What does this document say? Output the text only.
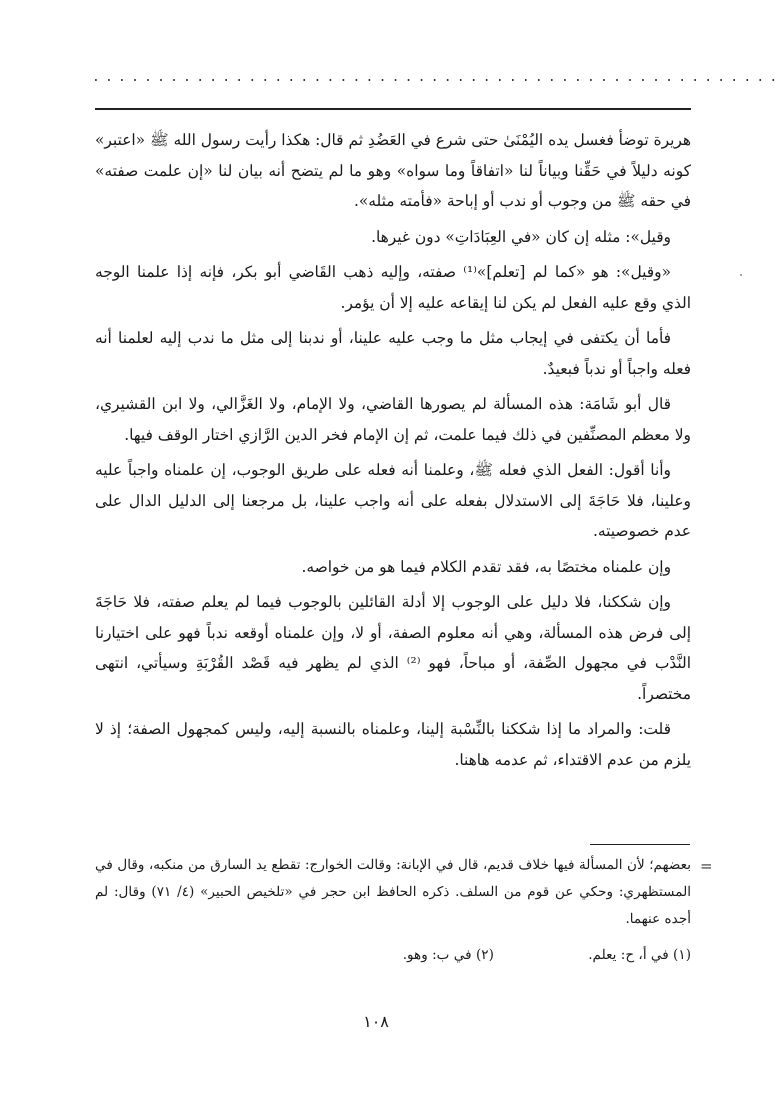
.....................................................

هريرة توضأ فغسل يده اليُمْنَىٰ حتى شرع في العَضُدِ ثم قال: هكذا رأيت رسول الله ﷺ «اعتبر» كونه دليلاً في حَقِّنا وبياناً لنا «اتفاقاً وما سواه» وهو ما لم يتضح أنه بيان لنا «إن علمت صفته» في حقه ﷺ من وجوب أو ندب أو إباحة «فأمته مثله».

وقيل»: مثله إن كان «في العِبَادَاتِ» دون غيرها.

«وقيل»: هو «كما لم [تعلم]»⁽¹⁾ صفته، وإليه ذهب القَاضي أبو بكر، فإنه إذا علمنا الوجه الذي وقع عليه الفعل لم يكن لنا إيقاعه عليه إلا أن يؤمر.

فأما أن يكتفى في إيجاب مثل ما وجب عليه علينا، أو ندبنا إلى مثل ما ندب إليه لعلمنا أنه فعله واجباً أو ندباً فبعيدٌ.

قال أبو شَامَة: هذه المسألة لم يصورها القاضي، ولا الإمام، ولا الغَزَّالي، ولا ابن القشيري، ولا معظم المصنِّفين في ذلك فيما علمت، ثم إن الإمام فخر الدين الرَّازي اختار الوقف فيها.

وأنا أقول: الفعل الذي فعله ﷺ، وعلمنا أنه فعله على طريق الوجوب، إن علمناه واجباً عليه وعلينا، فلا حَاجَةَ إلى الاستدلال بفعله على أنه واجب علينا، بل مرجعنا إلى الدليل الدال على عدم خصوصيته.

وإن علمناه مختصًا به، فقد تقدم الكلام فيما هو من خواصه.

وإن شككنا، فلا دليل على الوجوب إلا أدلة القائلين بالوجوب فيما لم يعلم صفته، فلا حَاجَةَ إلى فرض هذه المسألة، وهي أنه معلوم الصفة، أو لا، وإن علمناه أوقعه ندباً فهو على اختيارنا النَّدْب في مجهول الصِّفة، أو مباحاً، فهو ⁽²⁾ الذي لم يظهر فيه قَصْد القُرْبَةِ وسيأتي، انتهى مختصراً.

قلت: والمراد ما إذا شككنا بالنِّسْبة إلينا، وعلمناه بالنسبة إليه، وليس كمجهول الصفة؛ إذ لا يلزم من عدم الاقتداء، ثم عدمه هاهنا.

=

بعضهم؛ لأن المسألة فيها خلاف قديم، قال في الإبانة: وقالت الخوارج: تقطع يد السارق من منكبه، وقال في المستظهري: وحكي عن قوم من السلف. ذكره الحافظ ابن حجر في «تلخيص الحبير» (٤/ ٧١) وقال: لم أجده عنهما.

(١) في أ، ح: يعلم. (٢) في ب: وهو.
١٠٨
